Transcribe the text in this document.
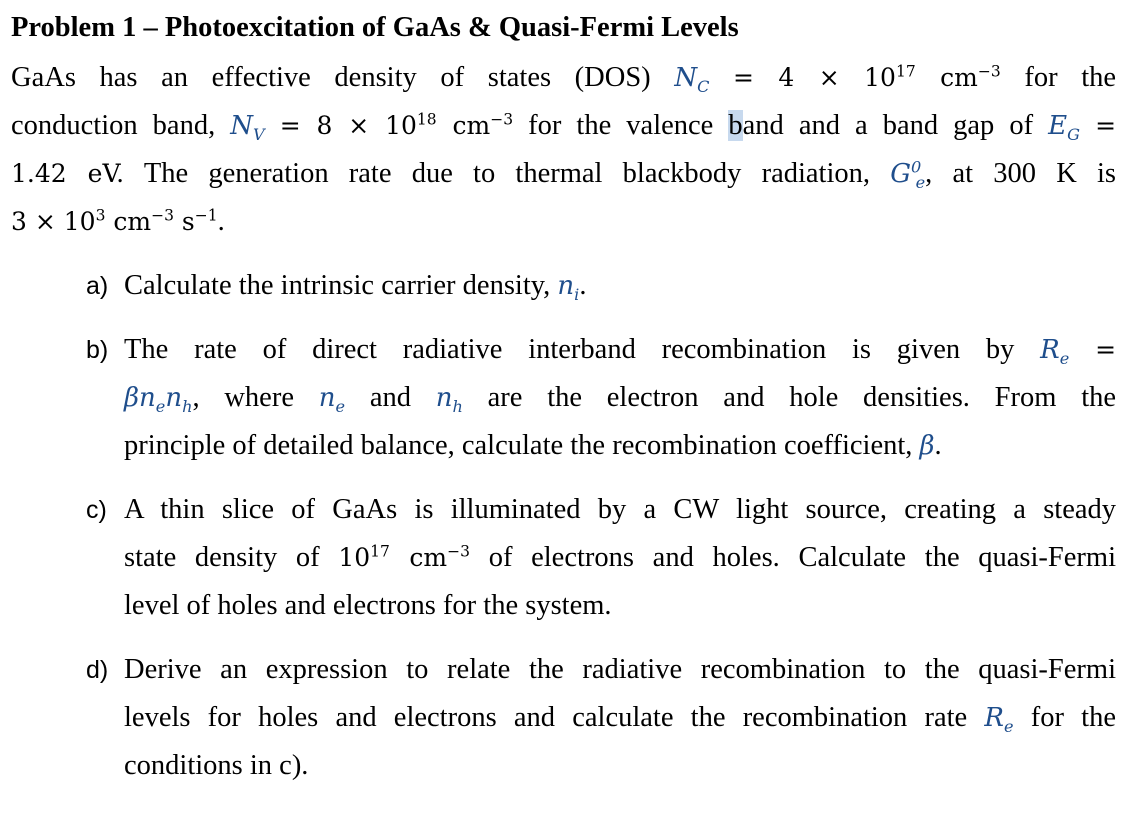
Problem 1 – Photoexcitation of GaAs & Quasi-Fermi Levels
GaAs has an effective density of states (DOS) $N_C = 4 \times 10^{17}$ $cm^{-3}$ for the
conduction band, $N_V = 8 \times 10^{18}$ $cm^{-3}$ for the valence band and a band gap of $E_G$ =
1.42 eV. The generation rate due to thermal blackbody radiation, $G^0_e$, at 300 K is
$3 \times 10^3$ $cm^{-3}$ $s^{-1}$.
a) Calculate the intrinsic carrier density, $n_i$.
b) The rate of direct radiative interband recombination is given by $R_e$ =
$\beta n_en_h$, where $n_e$ and $n_h$ are the electron and hole densities. From the
principle of detailed balance, calculate the recombination coefficient, β.
c) A thin slice of GaAs is illuminated by a CW light source, creating a steady
state density of $10^{17}$ $cm^{-3}$ of electrons and holes. Calculate the quasi-Fermi
level of holes and electrons for the system.
d) Derive an expression to relate the radiative recombination to the quasi-Fermi
levels for holes and electrons and calculate the recombination rate $R_e$ for the
conditions in c).
